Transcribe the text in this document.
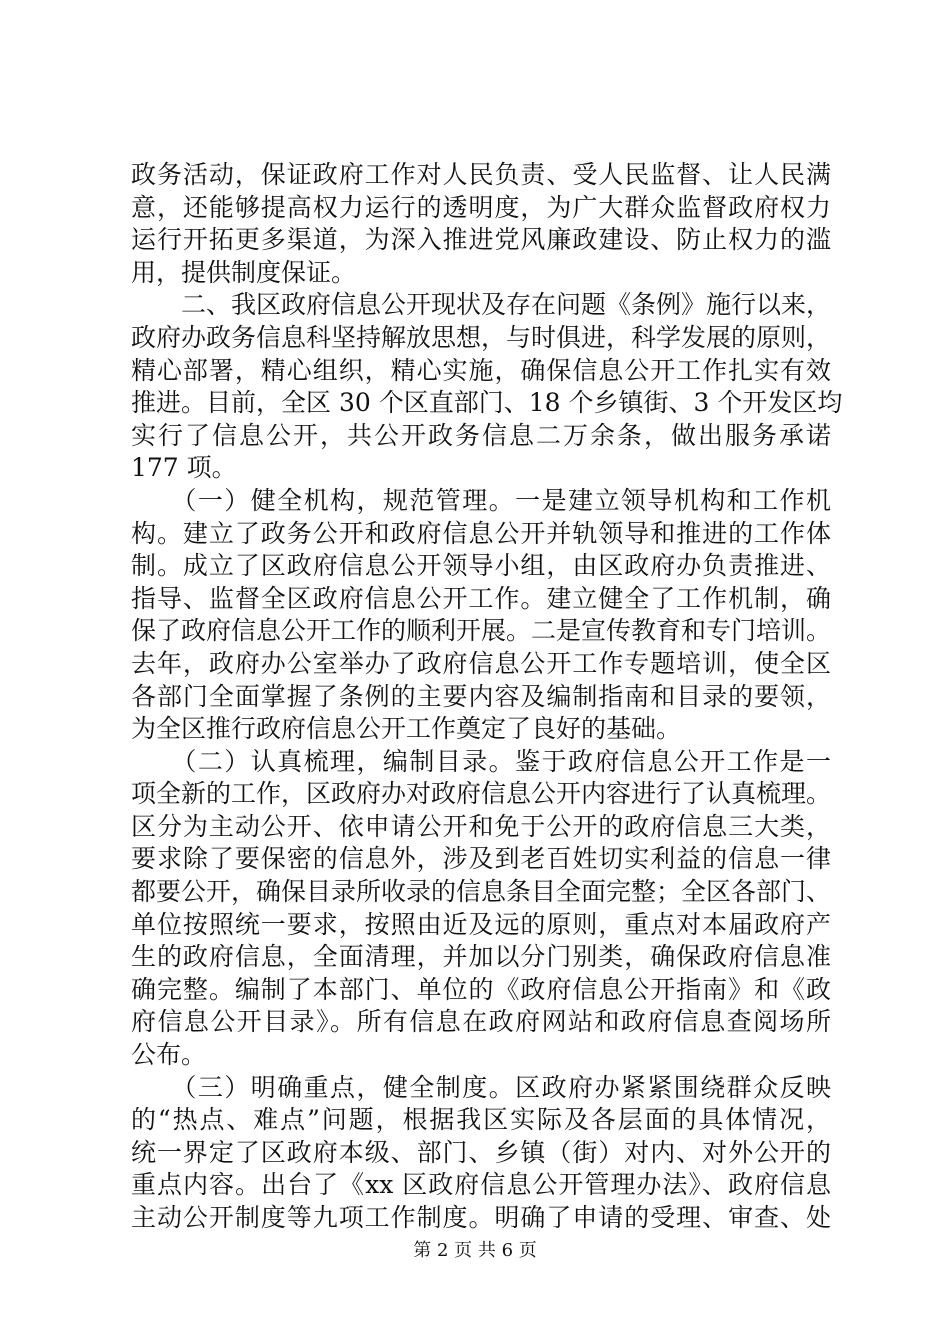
政务活动，保证政府工作对人民负责、受人民监督、让人民满
意，还能够提高权力运行的透明度，为广大群众监督政府权力
运行开拓更多渠道，为深入推进党风廉政建设、防止权力的滥
用，提供制度保证。
　　二、我区政府信息公开现状及存在问题《条例》施行以来，
政府办政务信息科坚持解放思想，与时俱进，科学发展的原则，
精心部署，精心组织，精心实施，确保信息公开工作扎实有效
推进。目前，全区 30 个区直部门、18 个乡镇街、3 个开发区均
实行了信息公开，共公开政务信息二万余条，做出服务承诺
177 项。
　　（一）健全机构，规范管理。一是建立领导机构和工作机
构。建立了政务公开和政府信息公开并轨领导和推进的工作体
制。成立了区政府信息公开领导小组，由区政府办负责推进、
指导、监督全区政府信息公开工作。建立健全了工作机制，确
保了政府信息公开工作的顺利开展。二是宣传教育和专门培训。
去年，政府办公室举办了政府信息公开工作专题培训，使全区
各部门全面掌握了条例的主要内容及编制指南和目录的要领，
为全区推行政府信息公开工作奠定了良好的基础。
　　（二）认真梳理，编制目录。鉴于政府信息公开工作是一
项全新的工作，区政府办对政府信息公开内容进行了认真梳理。
区分为主动公开、依申请公开和免于公开的政府信息三大类，
要求除了要保密的信息外，涉及到老百姓切实利益的信息一律
都要公开，确保目录所收录的信息条目全面完整；全区各部门、
单位按照统一要求，按照由近及远的原则，重点对本届政府产
生的政府信息，全面清理，并加以分门别类，确保政府信息准
确完整。编制了本部门、单位的《政府信息公开指南》和《政
府信息公开目录》。所有信息在政府网站和政府信息查阅场所
公布。
　　（三）明确重点，健全制度。区政府办紧紧围绕群众反映
的“热点、难点”问题，根据我区实际及各层面的具体情况，
统一界定了区政府本级、部门、乡镇（街）对内、对外公开的
重点内容。出台了《xx 区政府信息公开管理办法》、政府信息
主动公开制度等九项工作制度。明确了申请的受理、审查、处
第 2 页 共 6 页
